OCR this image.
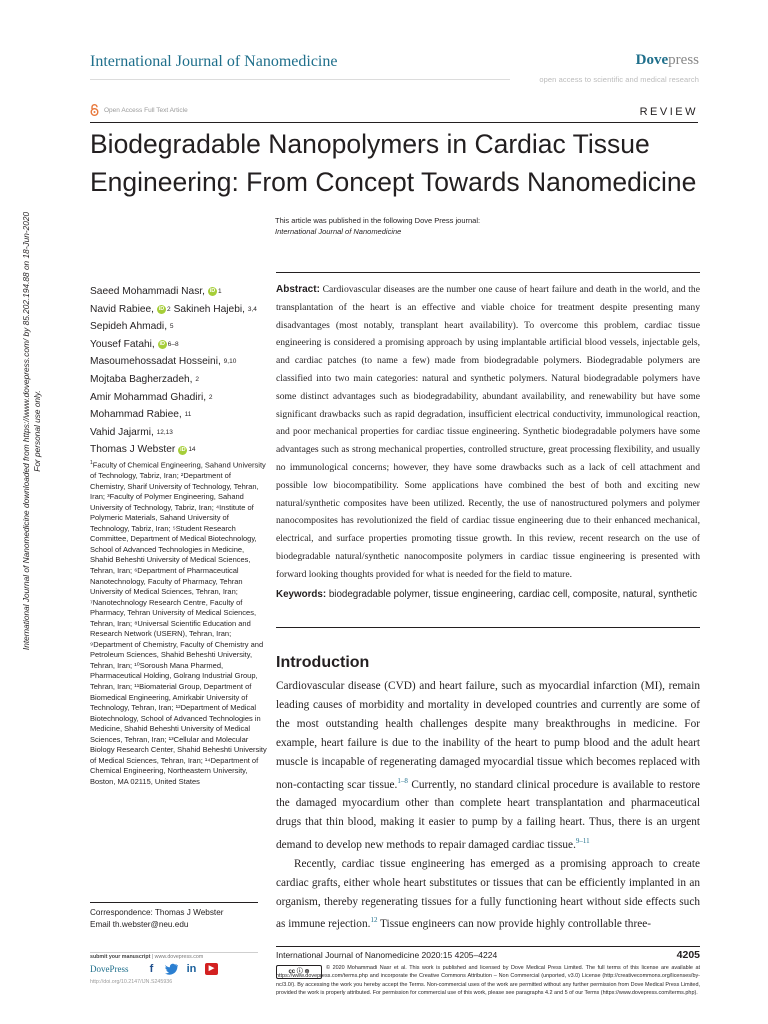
International Journal of Nanomedicine	Dovepress
open access to scientific and medical research
Open Access Full Text Article	REVIEW
Biodegradable Nanopolymers in Cardiac Tissue Engineering: From Concept Towards Nanomedicine
This article was published in the following Dove Press journal:
International Journal of Nanomedicine
International Journal of Nanomedicine downloaded from https://www.dovepress.com/ by 85.202.194.88 on 18-Jun-2020 For personal use only.
Saeed Mohammadi Nasr, iD 1
Navid Rabiee, iD 2 Sakineh Hajebi,
3,4
Sepideh Ahmadi,
5
Yousef Fatahi, iD 6–8
Masoumehossadat Hosseini,
9,10
Mojtaba Bagherzadeh,
2
Amir Mohammad Ghadiri,
2
Mohammad Rabiee,
11
Vahid Jajarmi,
12,13
Thomas J Webster iD 14
$^1$Faculty of Chemical Engineering, Sahand University of Technology, Tabriz, Iran; ²Department of Chemistry, Sharif University of Technology, Tehran, Iran; ³Faculty of Polymer Engineering, Sahand University of Technology, Tabriz, Iran; ⁴Institute of Polymeric Materials, Sahand University of Technology, Tabriz, Iran; ⁵Student Research Committee, Department of Medical Biotechnology, School of Advanced Technologies in Medicine, Shahid Beheshti University of Medical Sciences, Tehran, Iran; ⁶Department of Pharmaceutical Nanotechnology, Faculty of Pharmacy, Tehran University of Medical Sciences, Tehran, Iran; ⁷Nanotechnology Research Centre, Faculty of Pharmacy, Tehran University of Medical Sciences, Tehran, Iran; ⁸Universal Scientific Education and Research Network (USERN), Tehran, Iran; ⁹Department of Chemistry, Faculty of Chemistry and Petroleum Sciences, Shahid Beheshti University, Tehran, Iran; ¹⁰Soroush Mana Pharmed, Pharmaceutical Holding, Golrang Industrial Group, Tehran, Iran; ¹¹Biomaterial Group, Department of Biomedical Engineering, Amirkabir University of Technology, Tehran, Iran; ¹²Department of Medical Biotechnology, School of Advanced Technologies in Medicine, Shahid Beheshti University of Medical Sciences, Tehran, Iran; ¹³Cellular and Molecular Biology Research Center, Shahid Beheshti University of Medical Sciences, Tehran, Iran; ¹⁴Department of Chemical Engineering, Northeastern University, Boston, MA 02115, United States
Correspondence: Thomas J Webster
Email th.webster@neu.edu
submit your manuscript | www.dovepress.com
DovePress	f	in	▶
http://doi.org/10.2147/IJN.S245936
Abstract: Cardiovascular diseases are the number one cause of heart failure and death in the world, and the transplantation of the heart is an effective and viable choice for treatment despite presenting many disadvantages (most notably, transplant heart availability). To overcome this problem, cardiac tissue engineering is considered a promising approach by using implantable artificial blood vessels, injectable gels, and cardiac patches (to name a few) made from biodegradable polymers. Biodegradable polymers are classified into two main categories: natural and synthetic polymers. Natural biodegradable polymers have some distinct advantages such as biodegradability, abundant availability, and renewability but have some significant drawbacks such as rapid degradation, insufficient electrical conductivity, immunological reaction, and poor mechanical properties for cardiac tissue engineering. Synthetic biodegradable polymers have some advantages such as strong mechanical properties, controlled structure, great processing flexibility, and usually no immunological concerns; however, they have some drawbacks such as a lack of cell attachment and possible low biocompatibility. Some applications have combined the best of both and exciting new natural/synthetic composites have been utilized. Recently, the use of nanostructured polymers and polymer nanocomposites has revolutionized the field of cardiac tissue engineering due to their enhanced mechanical, electrical, and surface properties promoting tissue growth. In this review, recent research on the use of biodegradable natural/synthetic nanocomposite polymers in cardiac tissue engineering is presented with forward looking thoughts provided for what is needed for the field to mature.
Keywords: biodegradable polymer, tissue engineering, cardiac cell, composite, natural, synthetic
Introduction

Cardiovascular disease (CVD) and heart failure, such as myocardial infarction (MI), remain leading causes of morbidity and mortality in developed countries and currently are some of the most outstanding health challenges despite many breakthroughs in medicine. For example, heart failure is due to the inability of the heart to pump blood and the adult heart muscle is incapable of regenerating damaged myocardial tissue which becomes replaced with non-contacting scar tissue.$^{1-8}$ Currently, no standard clinical procedure is available to restore the damaged myocardium other than complete heart transplantation and pharmaceutical drugs that thin blood, making it easier to pump by a failing heart. Thus, there is an urgent demand to develop new methods to repair damaged cardiac tissue.$^{9-11}$

Recently, cardiac tissue engineering has emerged as a promising approach to create cardiac grafts, either whole heart substitutes or tissues that can be efficiently implanted in an organism, thereby regenerating tissues for a fully functioning heart without side effects such as immune rejection.$^{12}$ Tissue engineers can now provide highly controllable three-

International Journal of Nanomedicine 2020:15 4205–4224	4205
© 2020 Mohammadi Nasr et al. This work is published and licensed by Dove Medical Press Limited. The full terms of this license are available at https://www.dovepress.com/terms.php and incorporate the Creative Commons Attribution – Non Commercial (unported, v3.0) License (http://creativecommons.org/licenses/by-nc/3.0/). By accessing the work you hereby accept the Terms. Non-commercial uses of the work are permitted without any further permission from Dove Medical Press Limited, provided the work is properly attributed. For permission for commercial use of this work, please see paragraphs 4.2 and 5 of our Terms (https://www.dovepress.com/terms.php).
cc ⓘ ⊜
